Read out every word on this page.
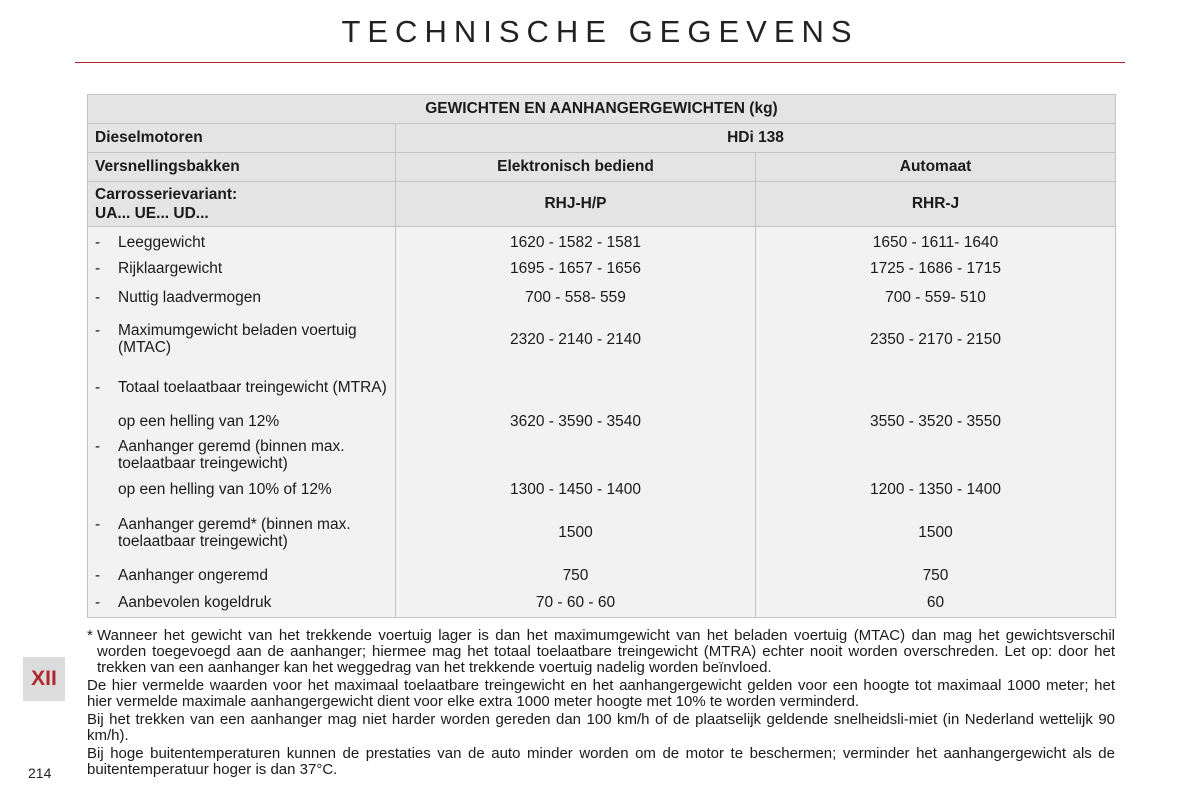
TECHNISCHE GEGEVENS
GEWICHTEN EN AANHANGERGEWICHTEN (kg)		
Dieselmotoren	HDi 138	
Versnellingsbakken	Elektronisch bediend	Automaat

Carrosserievariant:
UA... UE... UD...	RHJ-H/P	RHR-J

- Leeggewicht	1620 - 1582 - 1581	1650 - 1611- 1640

- Rijklaargewicht	1695 - 1657 - 1656	1725 - 1686 - 1715

- Nuttig laadvermogen	700 - 558- 559	700 - 559- 510

- Maximumgewicht beladen voertuig (MTAC)	2320 - 2140 - 2140	2350 - 2170 - 2150

- Totaal toelaatbaar treingewicht (MTRA)		

op een helling van 12%	3620 - 3590 - 3540	3550 - 3520 - 3550

- Aanhanger geremd (binnen max. toelaatbaar treingewicht)		

op een helling van 10% of 12%	1300 - 1450 - 1400	1200 - 1350 - 1400

- Aanhanger geremd* (binnen max. toelaatbaar treingewicht)	1500	1500

- Aanhanger ongeremd	750	750

- Aanbevolen kogeldruk	70 - 60 - 60	60

* Wanneer het gewicht van het trekkende voertuig lager is dan het maximumgewicht van het beladen voertuig (MTAC) dan mag het gewichtsverschil worden toegevoegd aan de aanhanger; hiermee mag het totaal toelaatbare treingewicht (MTRA) echter nooit worden overschreden. Let op: door het trekken van een aanhanger kan het weggedrag van het trekkende voertuig nadelig worden beïnvloed.

De hier vermelde waarden voor het maximaal toelaatbare treingewicht en het aanhangergewicht gelden voor een hoogte tot maximaal 1000 meter; het hier vermelde maximale aanhangergewicht dient voor elke extra 1000 meter hoogte met 10% te worden verminderd.

Bij het trekken van een aanhanger mag niet harder worden gereden dan 100 km/h of de plaatselijk geldende snelheidsli-miet (in Nederland wettelijk 90 km/h).

Bij hoge buitentemperaturen kunnen de prestaties van de auto minder worden om de motor te beschermen; verminder het aanhangergewicht als de buitentemperatuur hoger is dan 37°C.

XII
214
